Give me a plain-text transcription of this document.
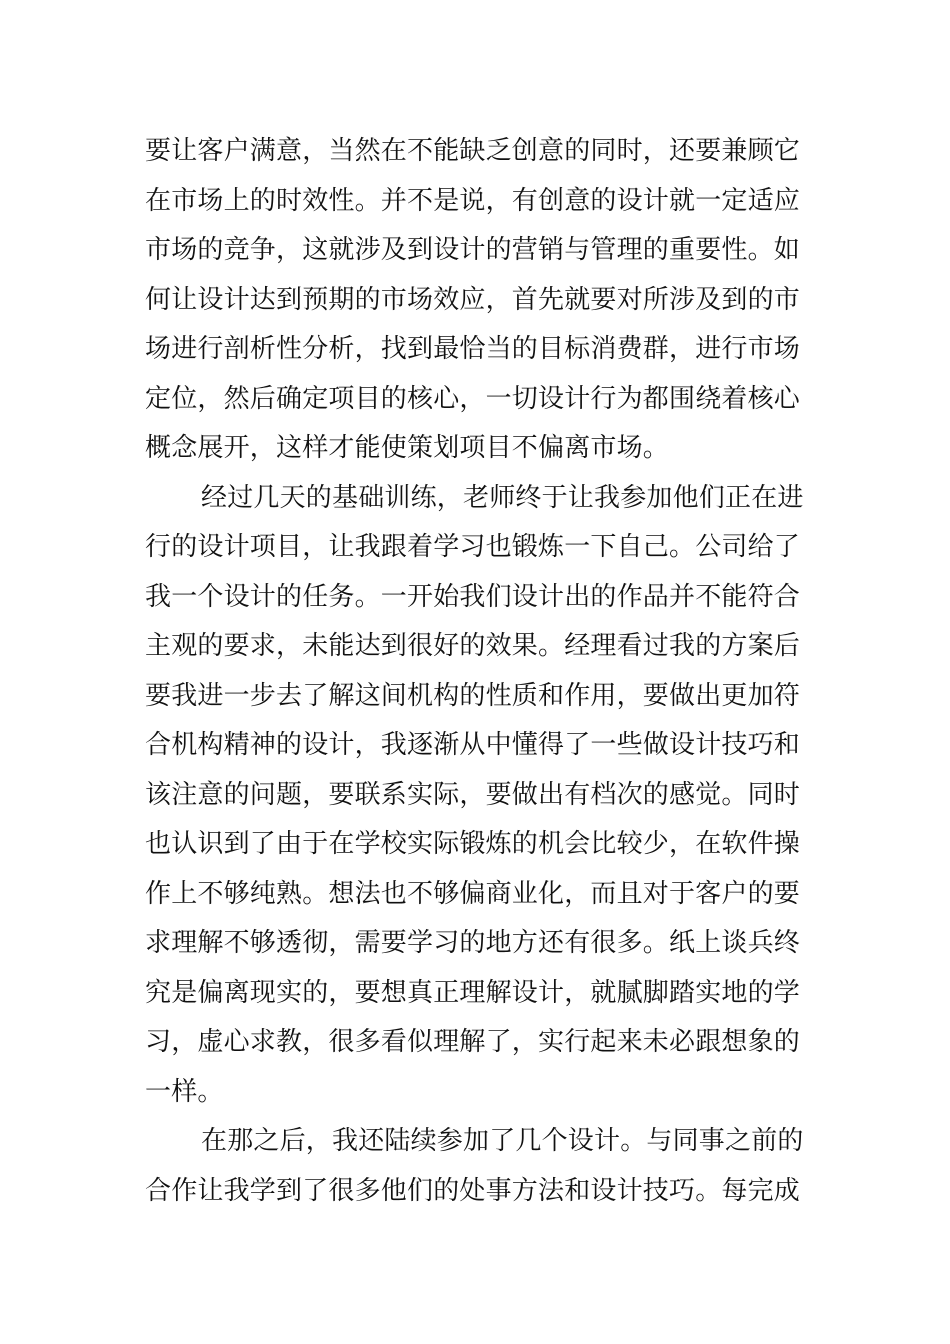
要让客户满意，当然在不能缺乏创意的同时，还要兼顾它
在市场上的时效性。并不是说，有创意的设计就一定适应
市场的竞争，这就涉及到设计的营销与管理的重要性。如
何让设计达到预期的市场效应，首先就要对所涉及到的市
场进行剖析性分析，找到最恰当的目标消费群，进行市场
定位，然后确定项目的核心，一切设计行为都围绕着核心
概念展开，这样才能使策划项目不偏离市场。
经过几天的基础训练，老师终于让我参加他们正在进
行的设计项目，让我跟着学习也锻炼一下自己。公司给了
我一个设计的任务。一开始我们设计出的作品并不能符合
主观的要求，未能达到很好的效果。经理看过我的方案后
要我进一步去了解这间机构的性质和作用，要做出更加符
合机构精神的设计，我逐渐从中懂得了一些做设计技巧和
该注意的问题，要联系实际，要做出有档次的感觉。同时
也认识到了由于在学校实际锻炼的机会比较少，在软件操
作上不够纯熟。想法也不够偏商业化，而且对于客户的要
求理解不够透彻，需要学习的地方还有很多。纸上谈兵终
究是偏离现实的，要想真正理解设计，就腻脚踏实地的学
习，虚心求教，很多看似理解了，实行起来未必跟想象的
一样。
在那之后，我还陆续参加了几个设计。与同事之前的
合作让我学到了很多他们的处事方法和设计技巧。每完成
